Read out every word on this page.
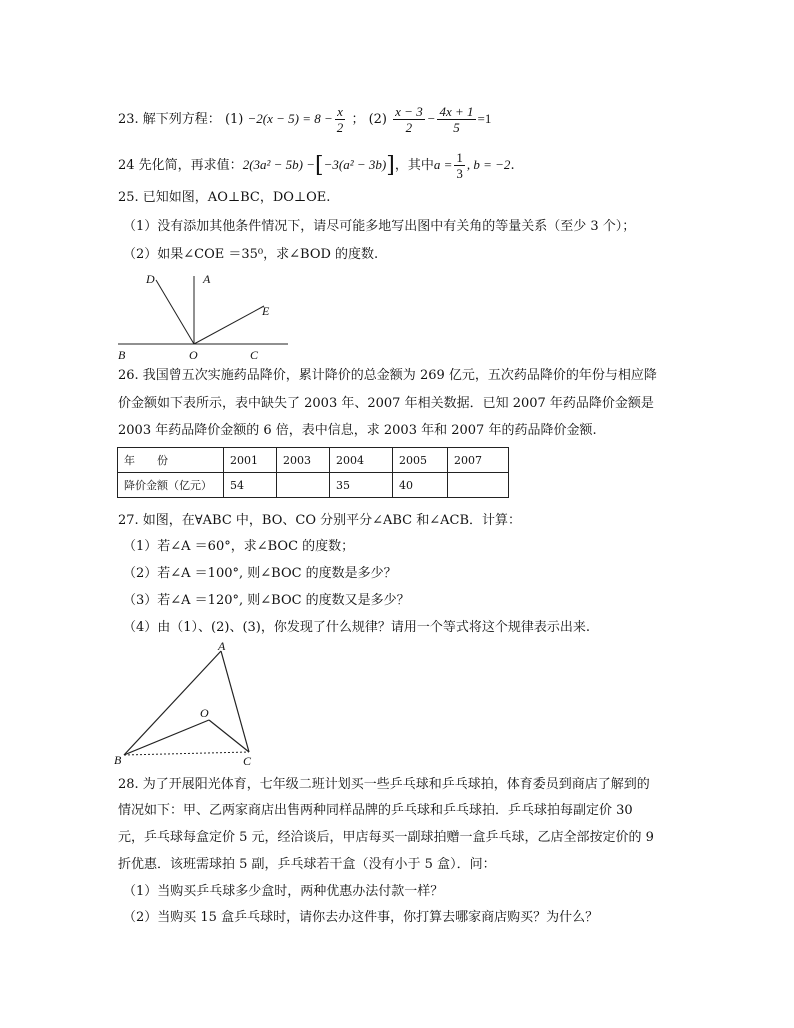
23. 解下列方程： $(1) -2(x - 5) = 8 - \frac{x}{2}$ ； $(2) \frac{x - 3}{2} - \frac{4x + 1}{5} =1$
24 先化简，再求值：2(3a² − 5b) −[−3(a² − 3b)]，其中$a = \frac{1}{3}$ , b = −2.
25. 已知如图，AO⊥BC，DO⊥OE.
（1）没有添加其他条件情况下，请尽可能多地写出图中有关角的等量关系（至少 3 个）；
（2）如果∠COE ＝35⁰，求∠BOD 的度数.
D	A
E
B	O	C
26. 我国曾五次实施药品降价，累计降价的总金额为 269 亿元，五次药品降价的年份与相应降
价金额如下表所示，表中缺失了 2003 年、2007 年相关数据．已知 2007 年药品降价金额是
2003 年药品降价金额的 6 倍，表中信息，求 2003 年和 2007 年的药品降价金额.
年　　份	2001	2003	2004	2005	2007
降价金额（亿元）	54		35	40	
27. 如图，在∀ABC 中，BO、CO 分别平分∠ABC 和∠ACB．计算：
（1）若∠A ＝60°，求∠BOC 的度数；
（2）若∠A ＝100°, 则∠BOC 的度数是多少？
（3）若∠A ＝120°, 则∠BOC 的度数又是多少？
（4）由（1）、(2)、(3)，你发现了什么规律？请用一个等式将这个规律表示出来.
A
O
B	C
28. 为了开展阳光体育，七年级二班计划买一些乒乓球和乒乓球拍，体育委员到商店了解到的
情况如下：甲、乙两家商店出售两种同样品牌的乒乓球和乒乓球拍．乒乓球拍每副定价 30
元，乒乓球每盒定价 5 元，经洽谈后，甲店每买一副球拍赠一盒乒乓球，乙店全部按定价的 9
折优惠．该班需球拍 5 副，乒乓球若干盒（没有小于 5 盒）．问：
（1）当购买乒乓球多少盒时，两种优惠办法付款一样？
（2）当购买 15 盒乒乓球时，请你去办这件事，你打算去哪家商店购买？为什么？
